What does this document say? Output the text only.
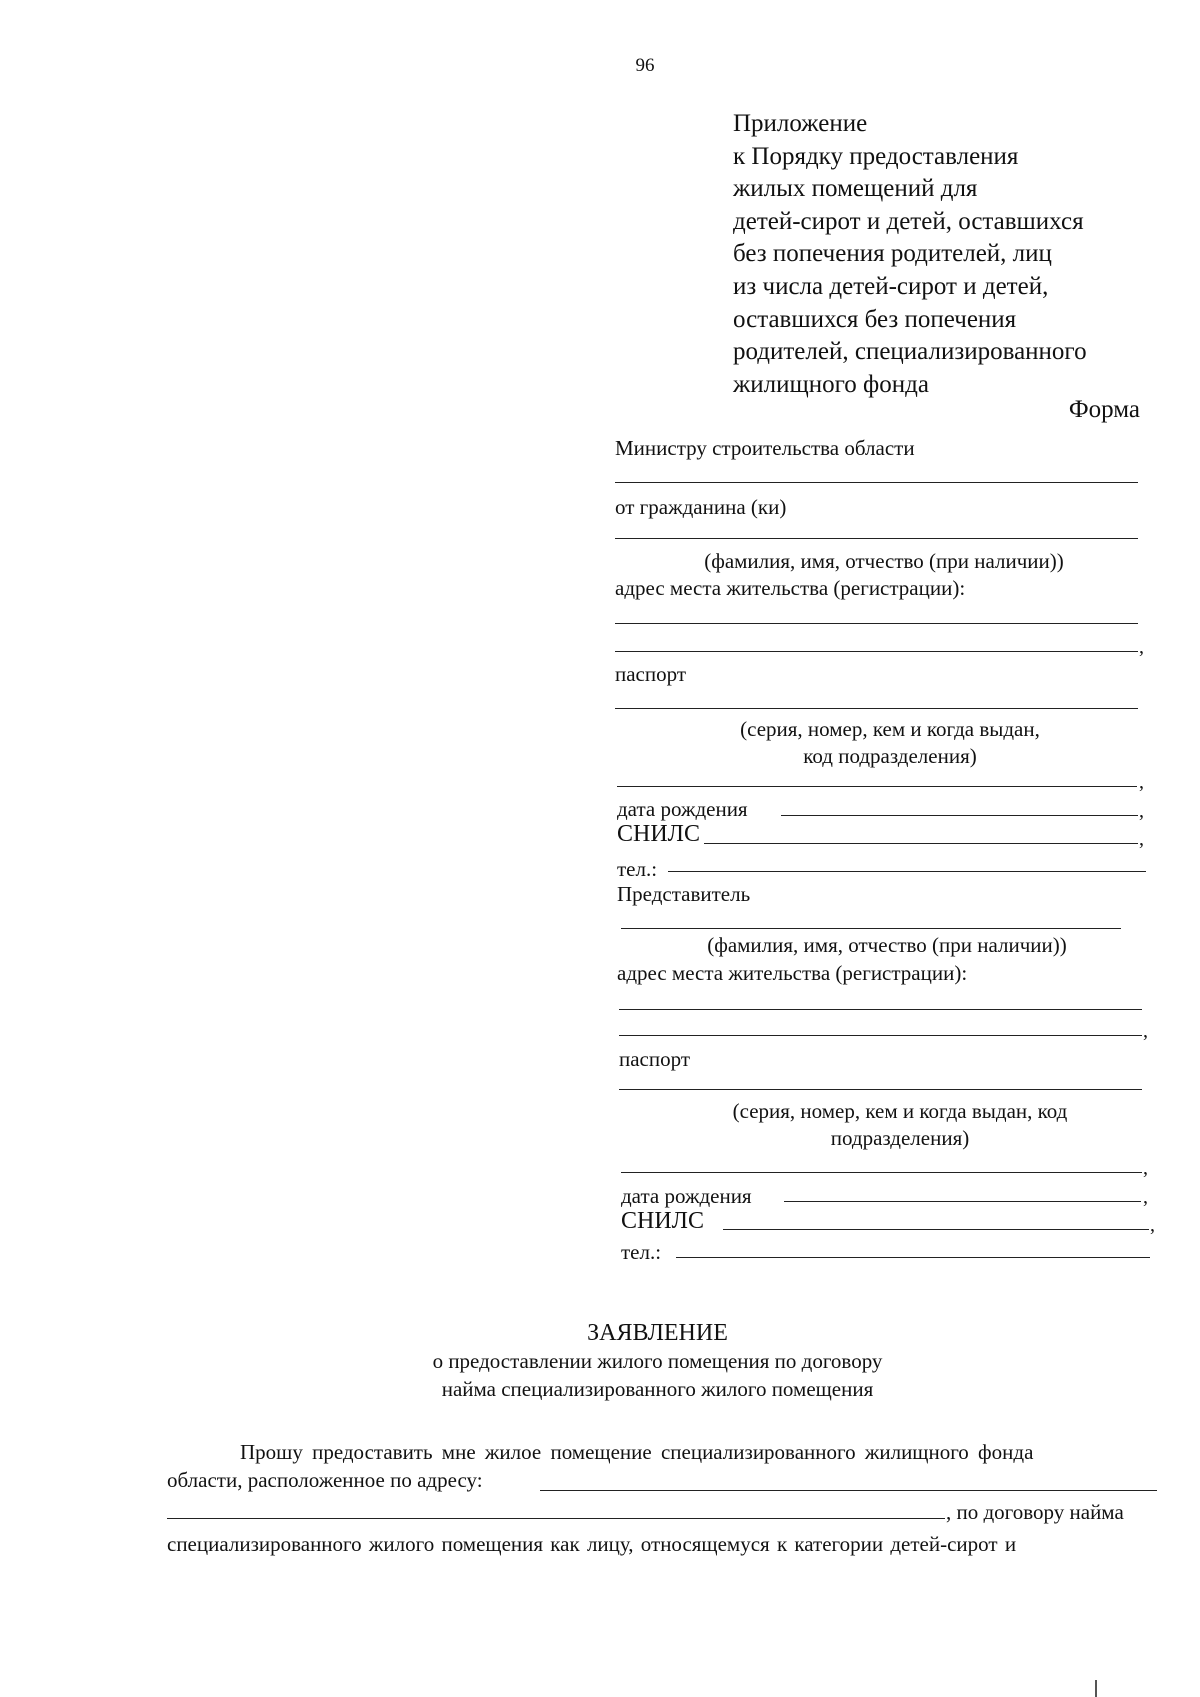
96
Приложение
к Порядку предоставления
жилых помещений для
детей-сирот и детей, оставшихся
без попечения родителей, лиц
из числа детей-сирот и детей,
оставшихся без попечения
родителей, специализированного
жилищного фонда
Форма
Министру строительства области
от гражданина (ки)
(фамилия, имя, отчество (при наличии))
адрес места жительства (регистрации):
,
паспорт
(серия, номер, кем и когда выдан,
код подразделения)
,
дата рождения	,
СНИЛС	,
тел.:
Представитель
(фамилия, имя, отчество (при наличии))
адрес места жительства (регистрации):
,
паспорт
(серия, номер, кем и когда выдан, код
подразделения)
,
дата рождения	,
СНИЛС	,
тел.:
ЗАЯВЛЕНИЕ
о предоставлении жилого помещения по договору
найма специализированного жилого помещения
Прошу предоставить мне жилое помещение специализированного жилищного фонда
области, расположенное по адресу:
, по договору найма
специализированного жилого помещения как лицу, относящемуся к категории детей-сирот и
